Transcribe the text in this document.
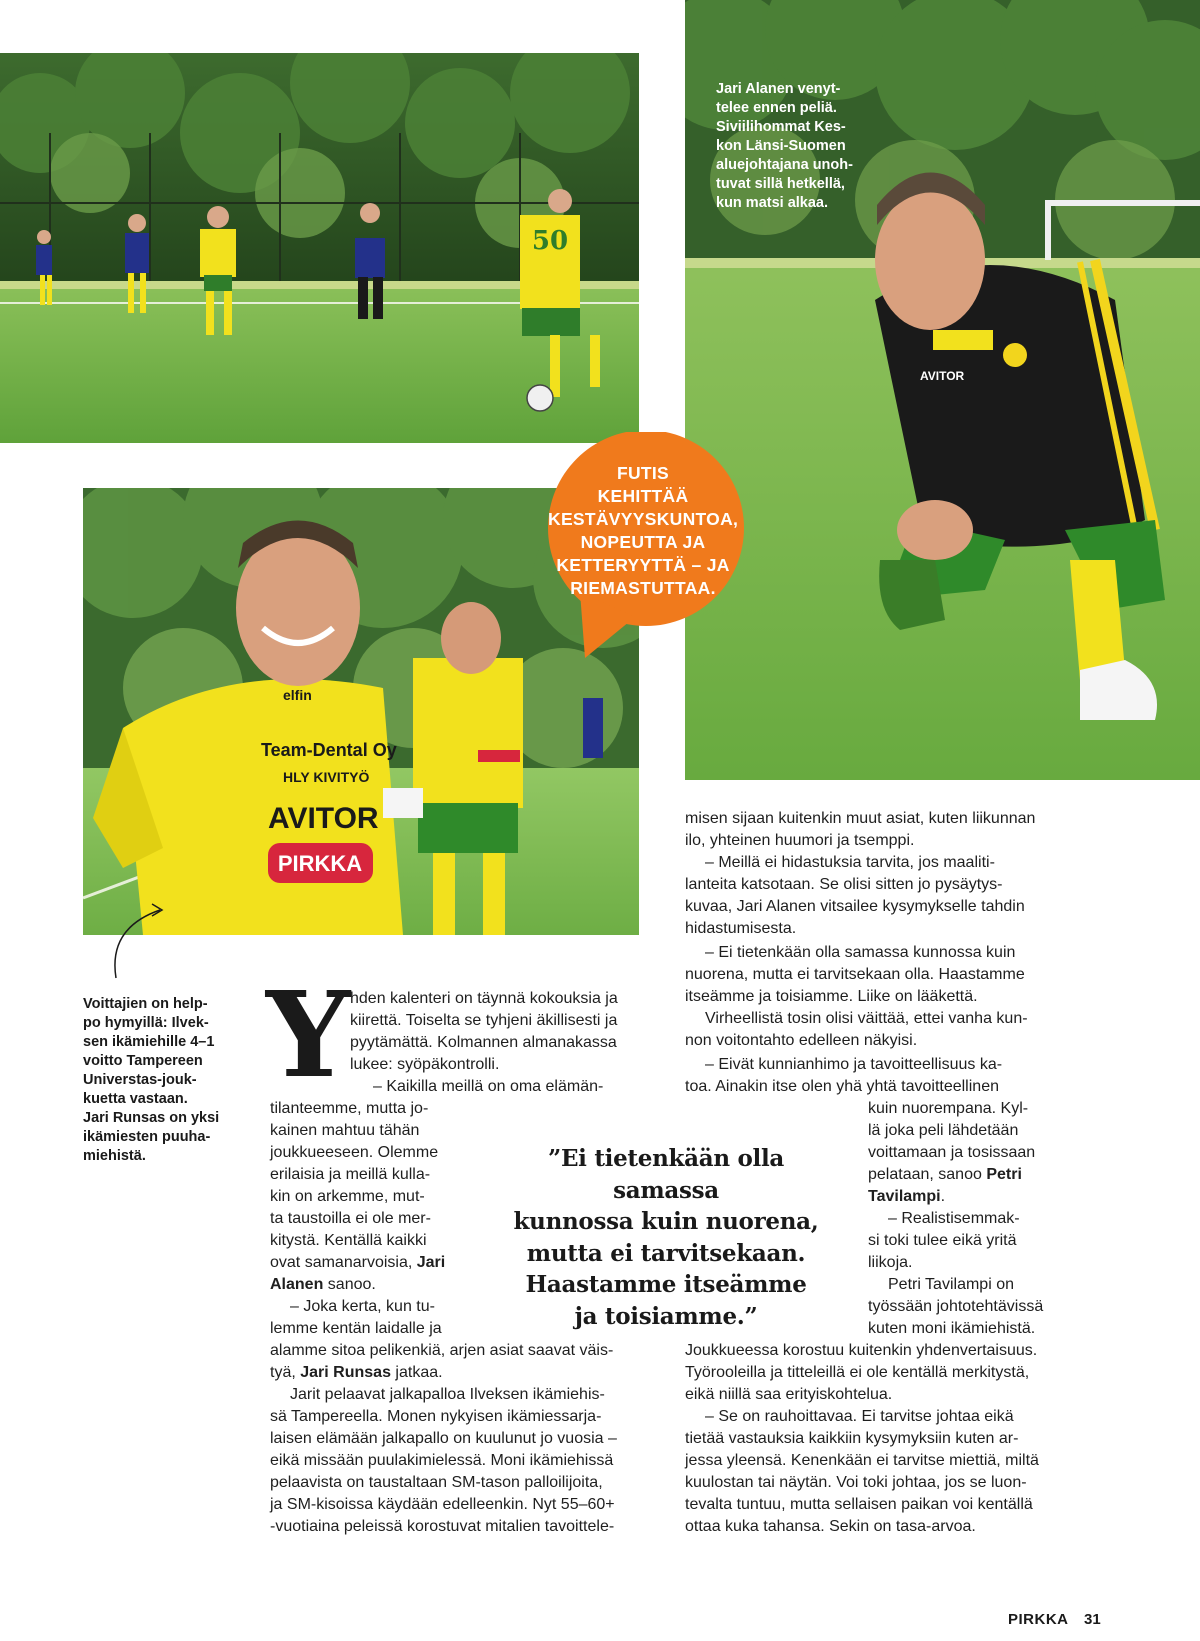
50
AVITOR
elfin
Team-Dental Oy
HLY KIVITYÖ
AVITOR
PIRKKA
Jari Alanen venyt-
telee ennen peliä.
Siviilihommat Kes-
kon Länsi-Suomen
aluejohtajana unoh-
tuvat sillä hetkellä,
kun matsi alkaa.
FUTIS
KEHITTÄÄ
KESTÄVYYSKUNTOA,
NOPEUTTA JA
KETTERYYTTÄ – JA
RIEMASTUTTAA.
Voittajien on help-
po hymyillä: Ilvek-
sen ikämiehille 4–1
voitto Tampereen
Universtas-jouk-
kuetta vastaan.
Jari Runsas on yksi
ikämiesten puuha-
miehistä.
Y hden kalenteri on täynnä kokouksia ja
kiirettä. Toiselta se tyhjeni äkillisesti ja
pyytämättä. Kolmannen almanakassa
lukee: syöpäkontrolli.
– Kaikilla meillä on oma elämän-
tilanteemme, mutta jo-
kainen mahtuu tähän
joukkueeseen. Olemme
erilaisia ja meillä kulla-
kin on arkemme, mut-
ta taustoilla ei ole mer-
kitystä. Kentällä kaikki
ovat samanarvoisia, Jari
Alanen sanoo.
– Joka kerta, kun tu-
lemme kentän laidalle ja
alamme sitoa pelikenkiä, arjen asiat saavat väis-
tyä, Jari Runsas jatkaa.
Jarit pelaavat jalkapalloa Ilveksen ikämiehis-
sä Tampereella. Monen nykyisen ikämiessarja-
laisen elämään jalkapallo on kuulunut jo vuosia –
eikä missään puulakimielessä. Moni ikämiehissä
pelaavista on taustaltaan SM-tason palloilijoita,
ja SM-kisoissa käydään edelleenkin. Nyt 55–60+
-vuotiaina peleissä korostuvat mitalien tavoittele-
”Ei tietenkään olla samassa
kunnossa kuin nuorena,
mutta ei tarvitsekaan.
Haastamme itseämme
ja toisiamme.”
misen sijaan kuitenkin muut asiat, kuten liikunnan
ilo, yhteinen huumori ja tsemppi.
– Meillä ei hidastuksia tarvita, jos maaliti-
lanteita katsotaan. Se olisi sitten jo pysäytys-
kuvaa, Jari Alanen vitsailee kysymykselle tahdin
hidastumisesta.
– Ei tietenkään olla samassa kunnossa kuin
nuorena, mutta ei tarvitsekaan olla. Haastamme
itseämme ja toisiamme. Liike on lääkettä.
Virheellistä tosin olisi väittää, ettei vanha kun-
non voitontahto edelleen näkyisi.
– Eivät kunnianhimo ja tavoitteellisuus ka-
toa. Ainakin itse olen yhä yhtä tavoitteellinen
kuin nuorempana. Kyl-
lä joka peli lähdetään
voittamaan ja tosissaan
pelataan, sanoo Petri
Tavilampi.
– Realistisemmak-
si toki tulee eikä yritä
liikoja.
Petri Tavilampi on
työssään johtotehtävissä
kuten moni ikämiehistä.
Joukkueessa korostuu kuitenkin yhdenvertaisuus.
Työrooleilla ja titteleillä ei ole kentällä merkitystä,
eikä niillä saa erityiskohtelua.
– Se on rauhoittavaa. Ei tarvitse johtaa eikä
tietää vastauksia kaikkiin kysymyksiin kuten ar-
jessa yleensä. Kenenkään ei tarvitse miettiä, miltä
kuulostan tai näytän. Voi toki johtaa, jos se luon-
tevalta tuntuu, mutta sellaisen paikan voi kentällä
ottaa kuka tahansa. Sekin on tasa-arvoa.
PIRKKA 31
